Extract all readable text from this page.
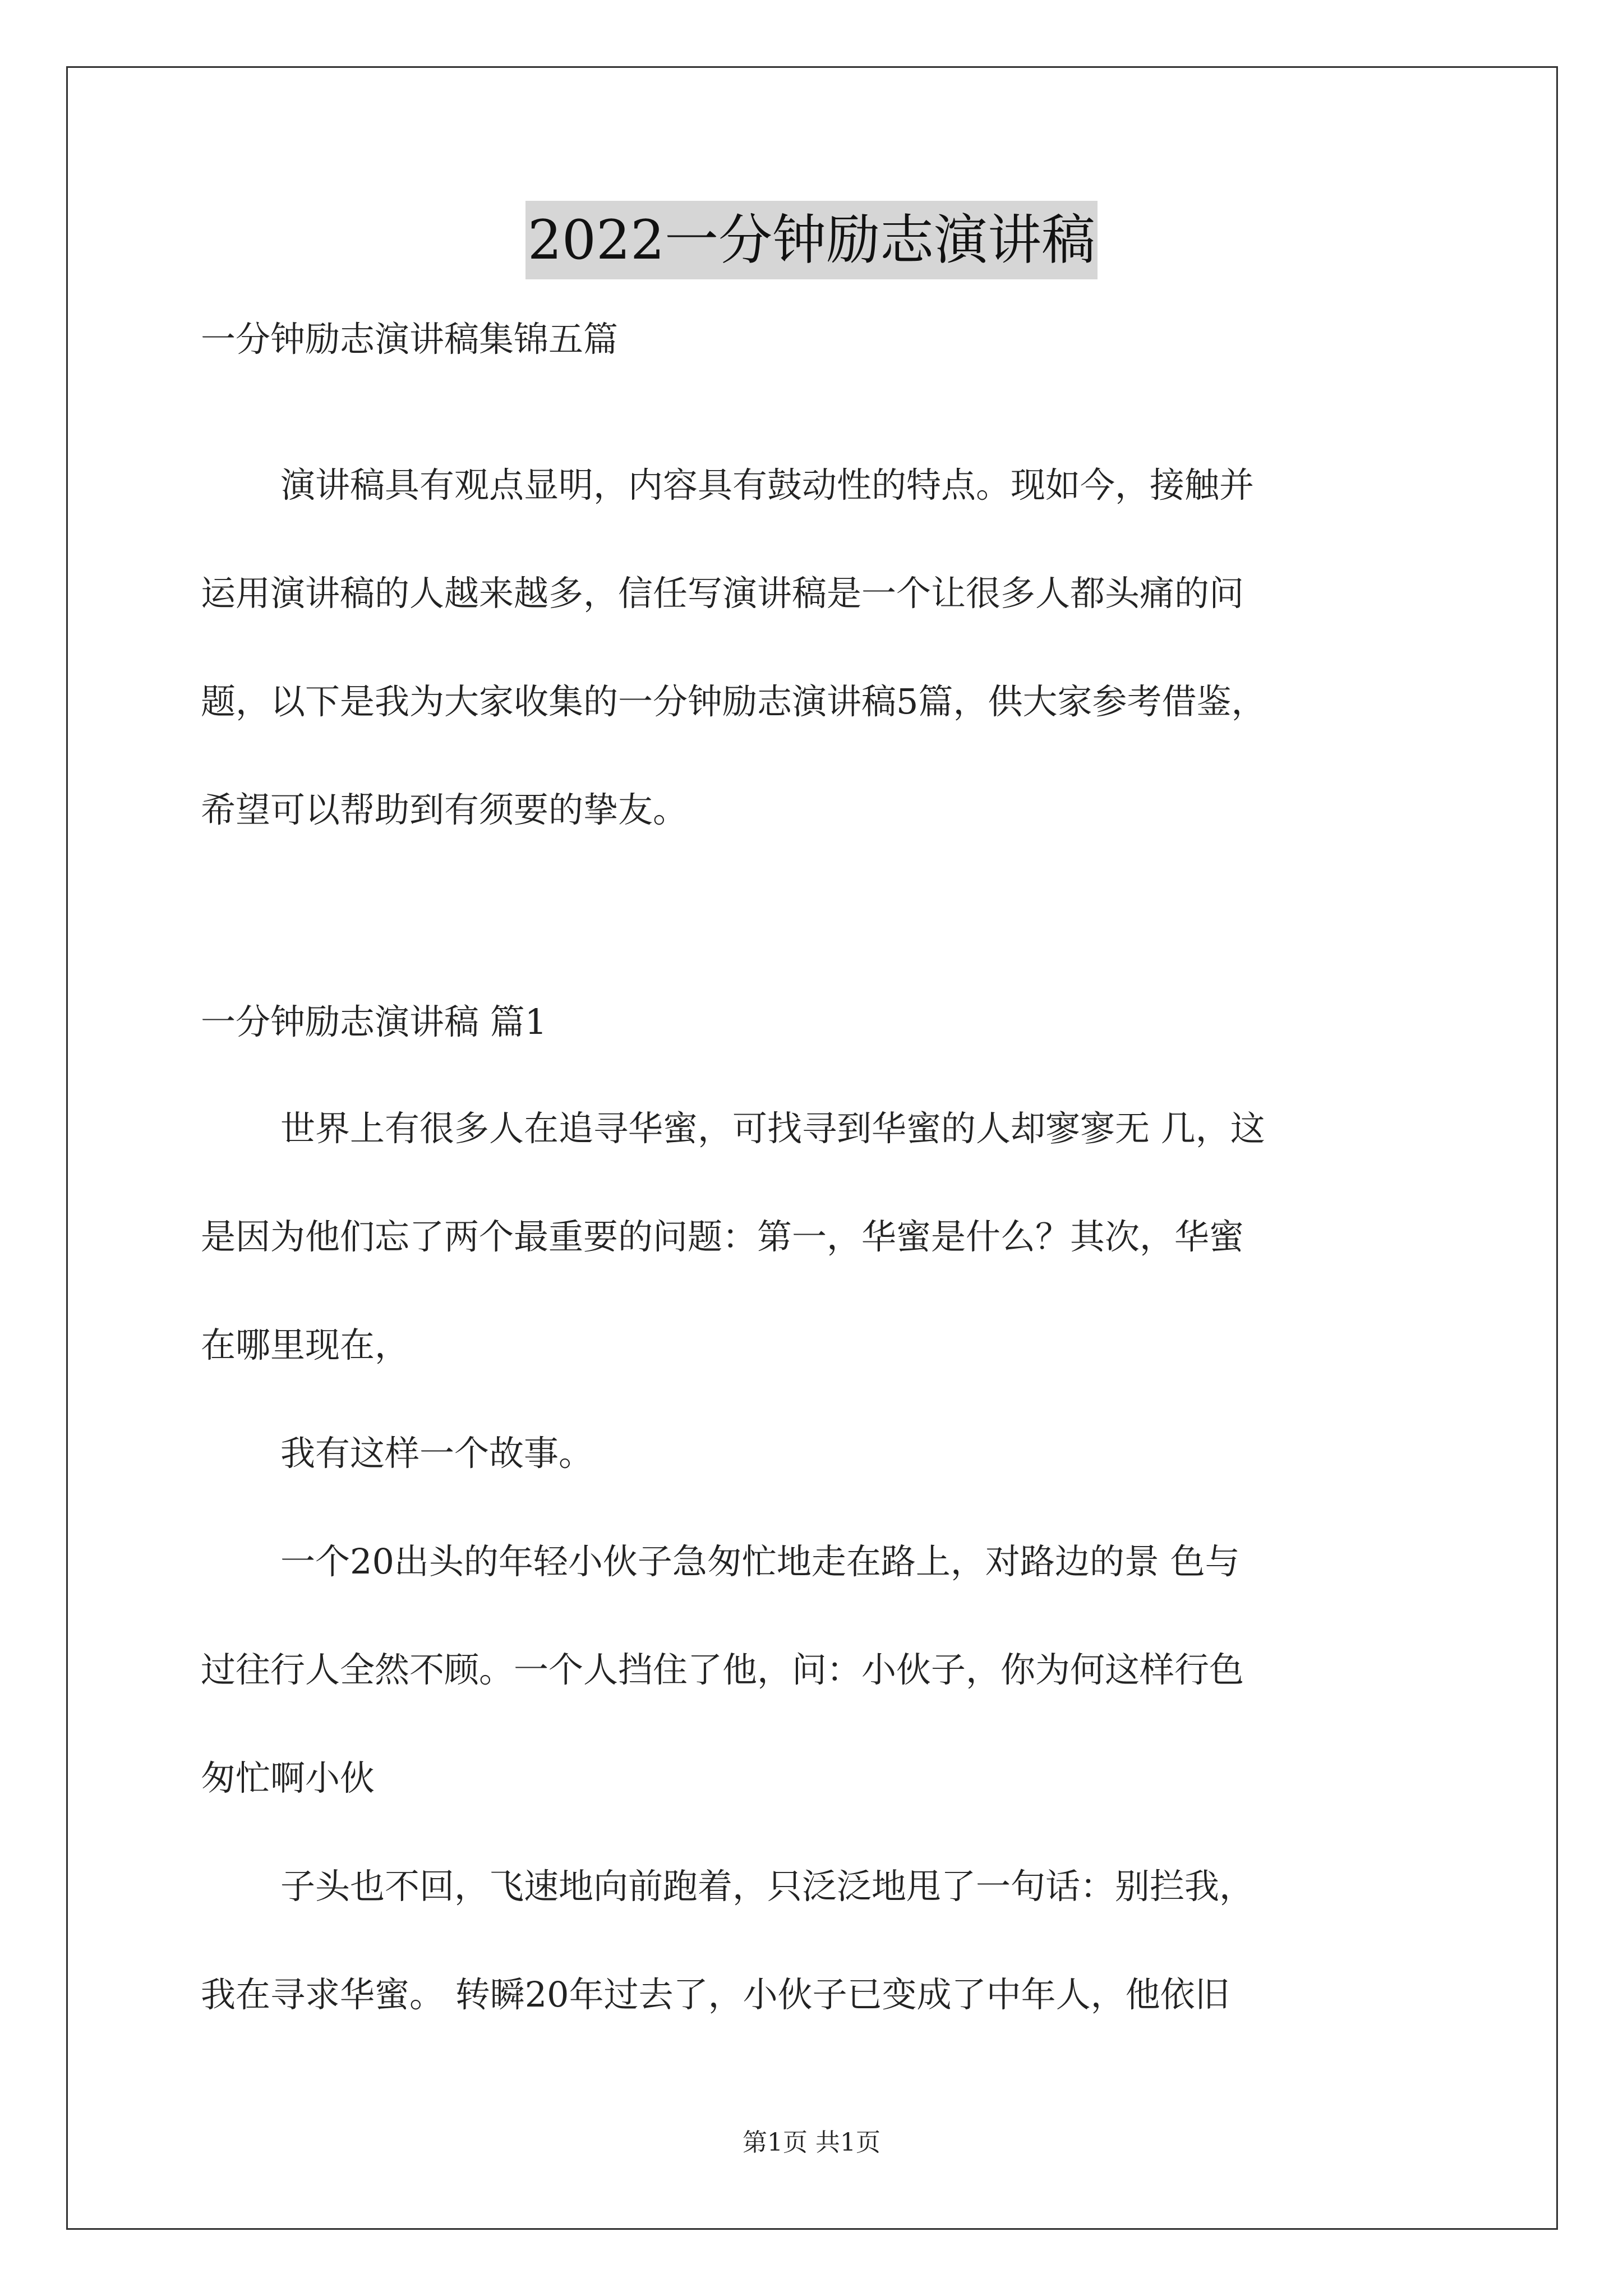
2022一分钟励志演讲稿
一分钟励志演讲稿集锦五篇
演讲稿具有观点显明，内容具有鼓动性的特点。现如今，接触并
运用演讲稿的人越来越多，信任写演讲稿是一个让很多人都头痛的问
题，以下是我为大家收集的一分钟励志演讲稿5篇，供大家参考借鉴，
希望可以帮助到有须要的挚友。
一分钟励志演讲稿 篇1
世界上有很多人在追寻华蜜，可找寻到华蜜的人却寥寥无 几，这
是因为他们忘了两个最重要的问题：第一，华蜜是什么？其次，华蜜
在哪里现在，
我有这样一个故事。
一个20出头的年轻小伙子急匆忙地走在路上，对路边的景 色与
过往行人全然不顾。一个人挡住了他，问：小伙子，你为何这样行色
匆忙啊小伙
子头也不回，飞速地向前跑着，只泛泛地甩了一句话：别拦我，
我在寻求华蜜。 转瞬20年过去了，小伙子已变成了中年人，他依旧
第1页 共1页
